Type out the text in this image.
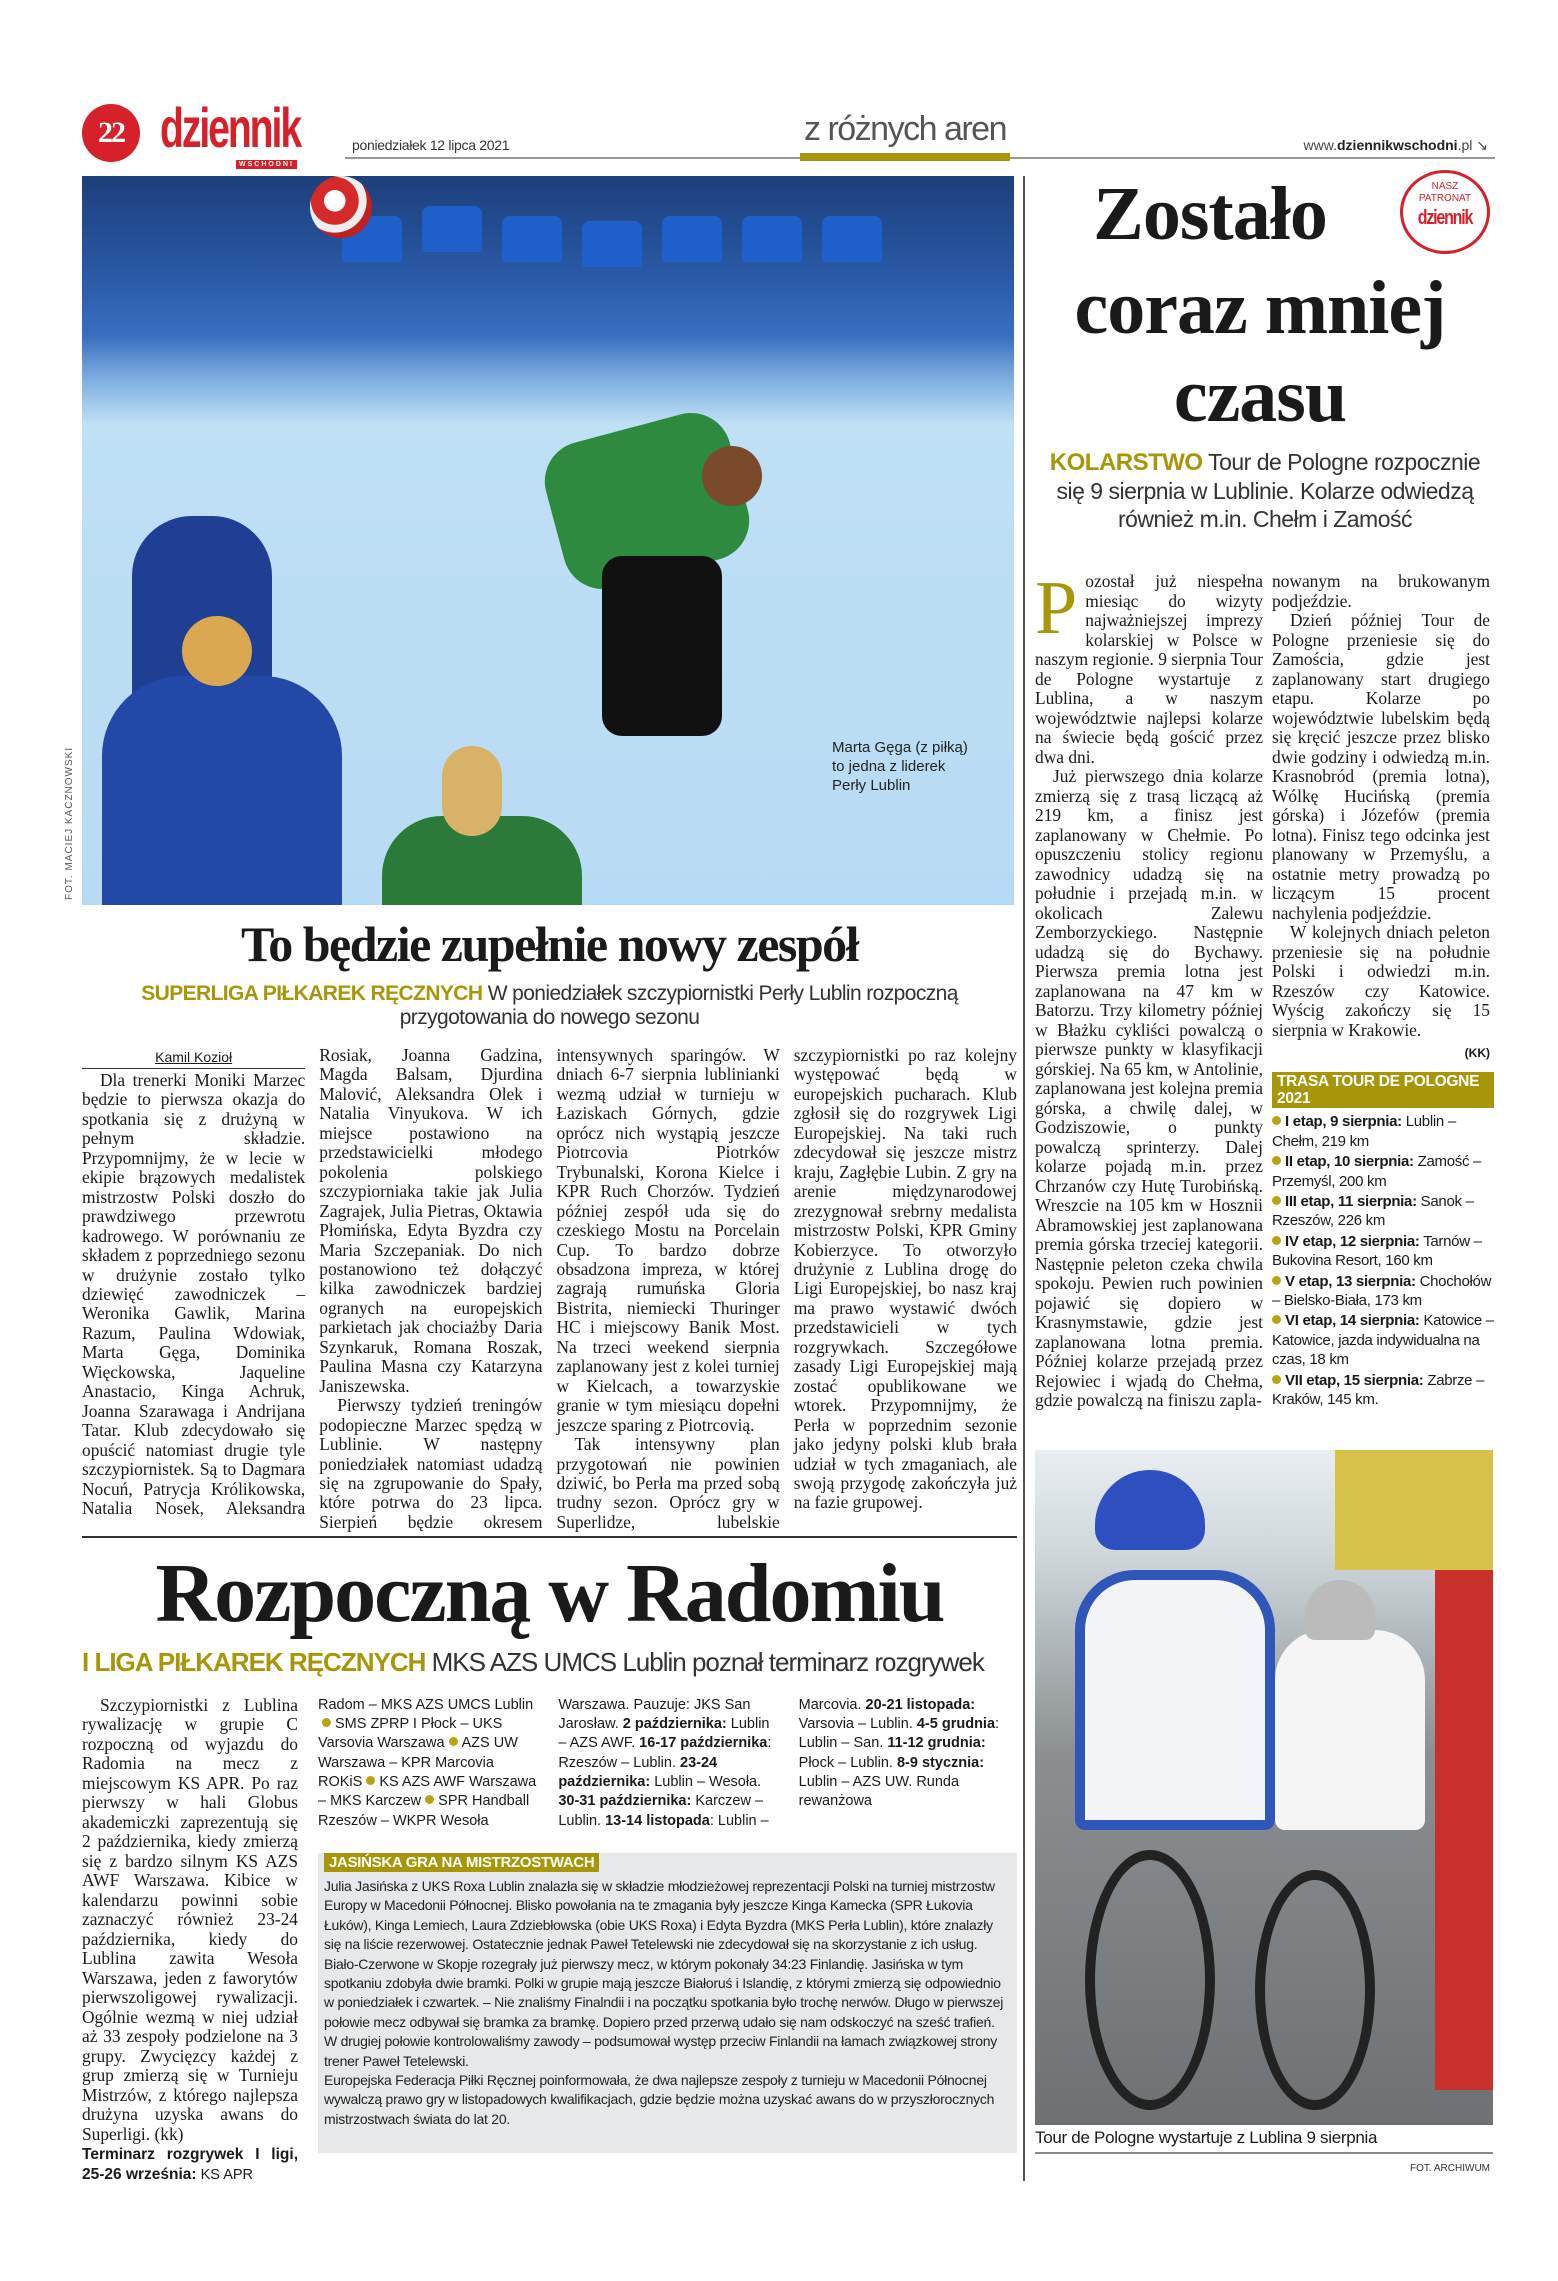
22 dziennik
WSCHODNI
poniedziałek 12 lipca 2021	z różnych aren	www.dziennikwschodni.pl ↘
Marta Gęga (z piłką) to jedna z liderek Perły Lublin
FOT. MACIEJ KACZNOWSKI
To będzie zupełnie nowy zespół
SUPERLIGA PIŁKAREK RĘCZNYCH W poniedziałek szczypiornistki Perły Lublin rozpoczną przygotowania do nowego sezonu
Kamil Kozioł

Dla trenerki Moniki Marzec będzie to pierwsza okazja do spotkania się z drużyną w pełnym składzie. Przypomnijmy, że w lecie w ekipie brązowych medalistek mistrzostw Polski doszło do prawdziwego przewrotu kadrowego. W porównaniu ze składem z poprzedniego sezonu w drużynie zostało tylko dziewięć zawodniczek – Weronika Gawlik, Marina Razum, Paulina Wdowiak, Marta Gęga, Dominika Więckowska, Jaqueline Anastacio, Kinga Achruk, Joanna Szarawaga i Andrijana Tatar. Klub zdecydowało się opuścić natomiast drugie tyle szczypiornistek. Są to Dagmara Nocuń, Patrycja Królikowska, Natalia Nosek, Aleksandra Rosiak, Joanna Gadzina, Magda Balsam, Djurdina Malović, Aleksandra Olek i Natalia Vinyukova. W ich miejsce postawiono na przedstawicielki młodego pokolenia polskiego szczypiorniaka takie jak Julia Zagrajek, Julia Pietras, Oktawia Płomińska, Edyta Byzdra czy Maria Szczepaniak. Do nich postanowiono też dołączyć kilka zawodniczek bardziej ogranych na europejskich parkietach jak chociażby Daria Szynkaruk, Romana Roszak, Paulina Masna czy Katarzyna Janiszewska.

Pierwszy tydzień treningów podopieczne Marzec spędzą w Lublinie. W następny poniedziałek natomiast udadzą się na zgrupowanie do Spały, które potrwa do 23 lipca. Sierpień będzie okresem intensywnych sparingów. W dniach 6-7 sierpnia lublinianki wezmą udział w turnieju w Łaziskach Górnych, gdzie oprócz nich wystąpią jeszcze Piotrcovia Piotrków Trybunalski, Korona Kielce i KPR Ruch Chorzów. Tydzień później zespół uda się do czeskiego Mostu na Porcelain Cup. To bardzo dobrze obsadzona impreza, w której zagrają rumuńska Gloria Bistrita, niemiecki Thuringer HC i miejscowy Banik Most. Na trzeci weekend sierpnia zaplanowany jest z kolei turniej w Kielcach, a towarzyskie granie w tym miesiącu dopełni jeszcze sparing z Piotrcovią.

Tak intensywny plan przygotowań nie powinien dziwić, bo Perła ma przed sobą trudny sezon. Oprócz gry w Superlidze, lubelskie szczypiornistki po raz kolejny występować będą w europejskich pucharach. Klub zgłosił się do rozgrywek Ligi Europejskiej. Na taki ruch zdecydował się jeszcze mistrz kraju, Zagłębie Lubin. Z gry na arenie międzynarodowej zrezygnował srebrny medalista mistrzostw Polski, KPR Gminy Kobierzyce. To otworzyło drużynie z Lublina drogę do Ligi Europejskiej, bo nasz kraj ma prawo wystawić dwóch przedstawicieli w tych rozgrywkach. Szczegółowe zasady Ligi Europejskiej mają zostać opublikowane we wtorek. Przypomnijmy, że Perła w poprzednim sezonie jako jedyny polski klub brała udział w tych zmaganiach, ale swoją przygodę zakończyła już na fazie grupowej.

Rozpoczną w Radomiu
I LIGA PIŁKAREK RĘCZNYCH MKS AZS UMCS Lublin poznał terminarz rozgrywek

Szczypiornistki z Lublina rywalizację w grupie C rozpoczną od wyjazdu do Radomia na mecz z miejscowym KS APR. Po raz pierwszy w hali Globus akademiczki zaprezentują się 2 października, kiedy zmierzą się z bardzo silnym KS AZS AWF Warszawa. Kibice w kalendarzu powinni sobie zaznaczyć również 23-24 października, kiedy do Lublina zawita Wesoła Warszawa, jeden z faworytów pierwszoligowej rywalizacji. Ogólnie wezmą w niej udział aż 33 zespoły podzielone na 3 grupy. Zwycięzcy każdej z grup zmierzą się w Turnieju Mistrzów, z którego najlepsza drużyna uzyska awans do Superligi. (kk)

Terminarz rozgrywek I ligi, 25-26 września: KS APR
Radom – MKS AZS UMCS LublinSMS ZPRP I Płock – UKS Varsovia Warszawa AZS UW Warszawa – KPR Marcovia ROKiS KS AZS AWF Warszawa – MKS Karczew SPR Handball Rzeszów – WKPR Wesoła Warszawa. Pauzuje: JKS San Jarosław. 2 października: Lublin – AZS AWF. 16-17 października: Rzeszów – Lublin. 23-24 października: Lublin – Wesoła. 30-31 października: Karczew – Lublin. 13-14 listopada: Lublin – Marcovia. 20-21 listopada: Varsovia – Lublin. 4-5 grudnia: Lublin – San. 11-12 grudnia: Płock – Lublin. 8-9 stycznia: Lublin – AZS UW. Runda rewanżowa
JASIŃSKA GRA NA MISTRZOSTWACH

Julia Jasińska z UKS Roxa Lublin znalazła się w składzie młodzieżowej reprezentacji Polski na turniej mistrzostw Europy w Macedonii Północnej. Blisko powołania na te zmagania były jeszcze Kinga Kamecka (SPR Łukovia Łuków), Kinga Lemiech, Laura Zdziebłowska (obie UKS Roxa) i Edyta Byzdra (MKS Perła Lublin), które znalazły się na liście rezerwowej. Ostatecznie jednak Paweł Tetelewski nie zdecydował się na skorzystanie z ich usług.

Biało-Czerwone w Skopje rozegrały już pierwszy mecz, w którym pokonały 34:23 Finlandię. Jasińska w tym spotkaniu zdobyła dwie bramki. Polki w grupie mają jeszcze Białoruś i Islandię, z którymi zmierzą się odpowiednio w poniedziałek i czwartek. – Nie znaliśmy Finalndii i na początku spotkania było trochę nerwów. Długo w pierwszej połowie mecz odbywał się bramka za bramkę. Dopiero przed przerwą udało się nam odskoczyć na sześć trafień. W drugiej połowie kontrolowaliśmy zawody – podsumował występ przeciw Finlandii na łamach związkowej strony trener Paweł Tetelewski.

Europejska Federacja Piłki Ręcznej poinformowała, że dwa najlepsze zespoły z turnieju w Macedonii Północnej wywalczą prawo gry w listopadowych kwalifikacjach, gdzie będzie można uzyskać awans do w przyszłorocznych mistrzostwach świata do lat 20.

Zostało
coraz mniej
czasu
NASZ
PATRONAT
dziennik
KOLARSTWO Tour de Pologne rozpocznie się 9 sierpnia w Lublinie. Kolarze odwiedzą również m.in. Chełm i Zamość

Pozostał już niespełna miesiąc do wizyty najważniejszej imprezy kolarskiej w Polsce w naszym regionie. 9 sierpnia Tour de Pologne wystartuje z Lublina, a w naszym województwie najlepsi kolarze na świecie będą gościć przez dwa dni.

Już pierwszego dnia kolarze zmierzą się z trasą liczącą aż 219 km, a finisz jest zaplanowany w Chełmie. Po opuszczeniu stolicy regionu zawodnicy udadzą się na południe i przejadą m.in. w okolicach Zalewu Zemborzyckiego. Następnie udadzą się do Bychawy. Pierwsza premia lotna jest zaplanowana na 47 km w Batorzu. Trzy kilometry później w Błażku cykliści powalczą o pierwsze punkty w klasyfikacji górskiej. Na 65 km, w Antolinie, zaplanowana jest kolejna premia górska, a chwilę dalej, w Godziszowie, o punkty powalczą sprinterzy. Dalej kolarze pojadą m.in. przez Chrzanów czy Hutę Turobińską. Wreszcie na 105 km w Hosznii Abramowskiej jest zaplanowana premia górska trzeciej kategorii. Następnie peleton czeka chwila spokoju. Pewien ruch powinien pojawić się dopiero w Krasnymstawie, gdzie jest zaplanowana lotna premia. Później kolarze przejadą przez Rejowiec i wjadą do Chełma, gdzie powalczą na finiszu zapla-

nowanym na brukowanym podjeździe.

Dzień później Tour de Pologne przeniesie się do Zamościa, gdzie jest zaplanowany start drugiego etapu. Kolarze po województwie lubelskim będą się kręcić jeszcze przez blisko dwie godziny i odwiedzą m.in. Krasnobród (premia lotna), Wólkę Hucińską (premia górska) i Józefów (premia lotna). Finisz tego odcinka jest planowany w Przemyślu, a ostatnie metry prowadzą po liczącym 15 procent nachylenia podjeździe.

W kolejnych dniach peleton przeniesie się na południe Polski i odwiedzi m.in. Rzeszów czy Katowice. Wyścig zakończy się 15 sierpnia w Krakowie.

(KK)
TRASA TOUR DE POLOGNE 2021
I etap, 9 sierpnia: Lublin – Chełm, 219 km
II etap, 10 sierpnia: Zamość – Przemyśl, 200 km
III etap, 11 sierpnia: Sanok – Rzeszów, 226 km
IV etap, 12 sierpnia: Tarnów – Bukovina Resort, 160 km
V etap, 13 sierpnia: Chochołów – Bielsko-Biała, 173 km
VI etap, 14 sierpnia: Katowice – Katowice, jazda indywidualna na czas, 18 km
VII etap, 15 sierpnia: Zabrze – Kraków, 145 km.
Tour de Pologne wystartuje z Lublina 9 sierpnia
FOT. ARCHIWUM
